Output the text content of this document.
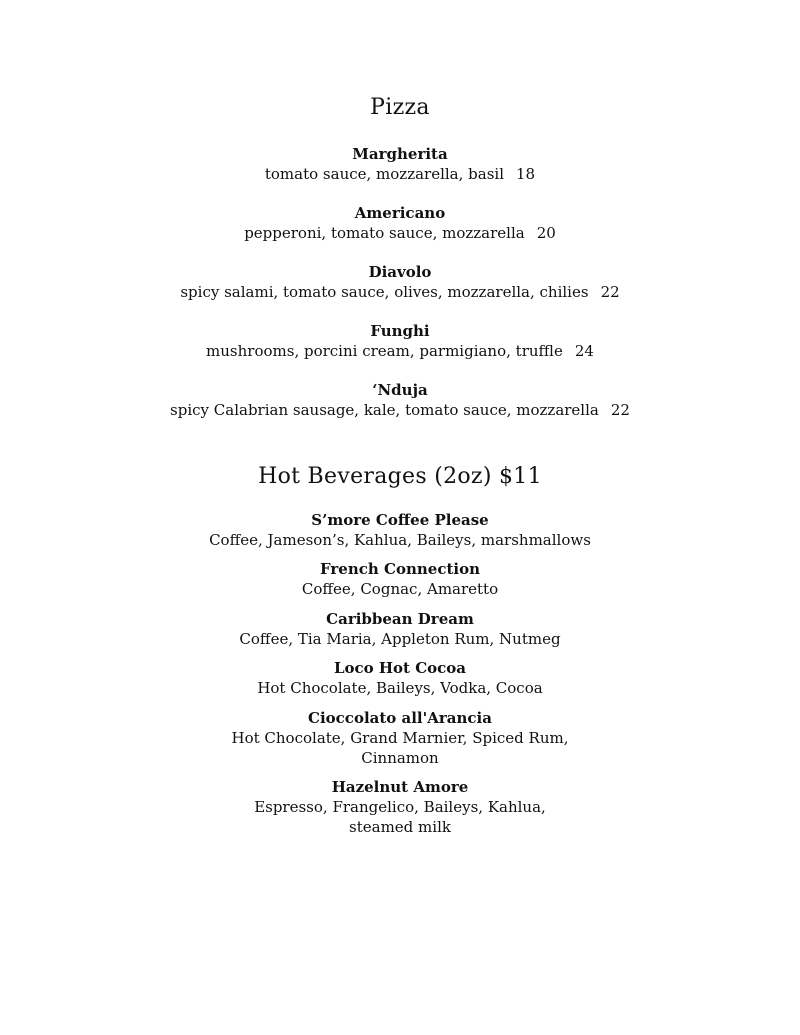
Pizza

Margherita

tomato sauce, mozzarella, basil 18

Americano

pepperoni, tomato sauce, mozzarella 20

Diavolo

spicy salami, tomato sauce, olives, mozzarella, chilies 22

Funghi

mushrooms, porcini cream, parmigiano, truffle 24

‘Nduja

spicy Calabrian sausage, kale, tomato sauce, mozzarella 22

Hot Beverages (2oz) $11

S’more Coffee Please

Coffee, Jameson’s, Kahlua, Baileys, marshmallows

French Connection

Coffee, Cognac, Amaretto

Caribbean Dream

Coffee, Tia Maria, Appleton Rum, Nutmeg

Loco Hot Cocoa

Hot Chocolate, Baileys, Vodka, Cocoa

Cioccolato all'Arancia

Hot Chocolate, Grand Marnier, Spiced Rum, Cinnamon

Hazelnut Amore

Espresso, Frangelico, Baileys, Kahlua, steamed milk
